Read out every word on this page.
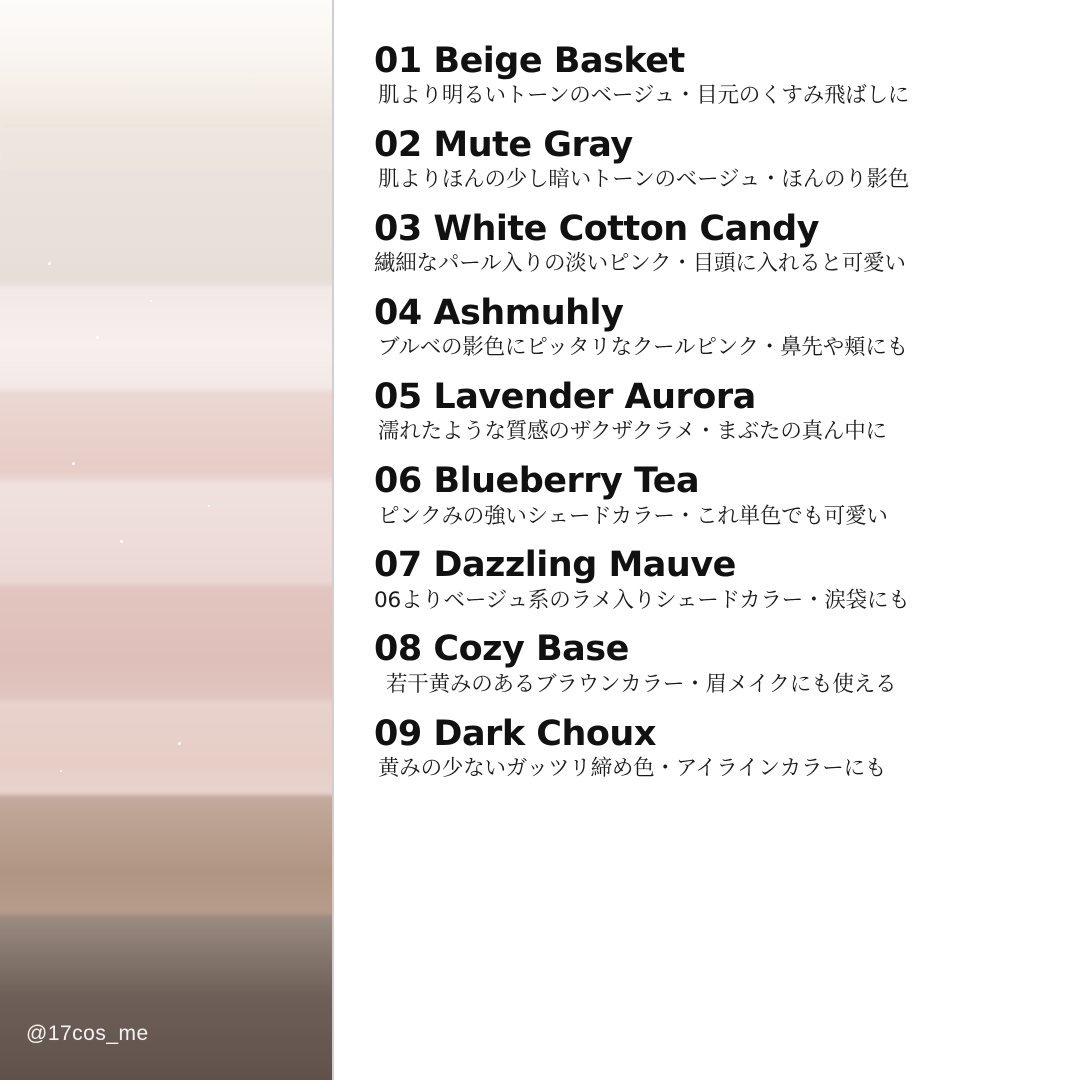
@17cos_me
01 Beige Basket
肌より明るいトーンのベージュ・目元のくすみ飛ばしに
02 Mute Gray
肌よりほんの少し暗いトーンのベージュ・ほんのり影色
03 White Cotton Candy
繊細なパール入りの淡いピンク・目頭に入れると可愛い
04 Ashmuhly
ブルベの影色にピッタリなクールピンク・鼻先や頬にも
05 Lavender Aurora
濡れたような質感のザクザクラメ・まぶたの真ん中に
06 Blueberry Tea
ピンクみの強いシェードカラー・これ単色でも可愛い
07 Dazzling Mauve
06よりベージュ系のラメ入りシェードカラー・涙袋にも
08 Cozy Base
若干黄みのあるブラウンカラー・眉メイクにも使える
09 Dark Choux
黄みの少ないガッツリ締め色・アイラインカラーにも
